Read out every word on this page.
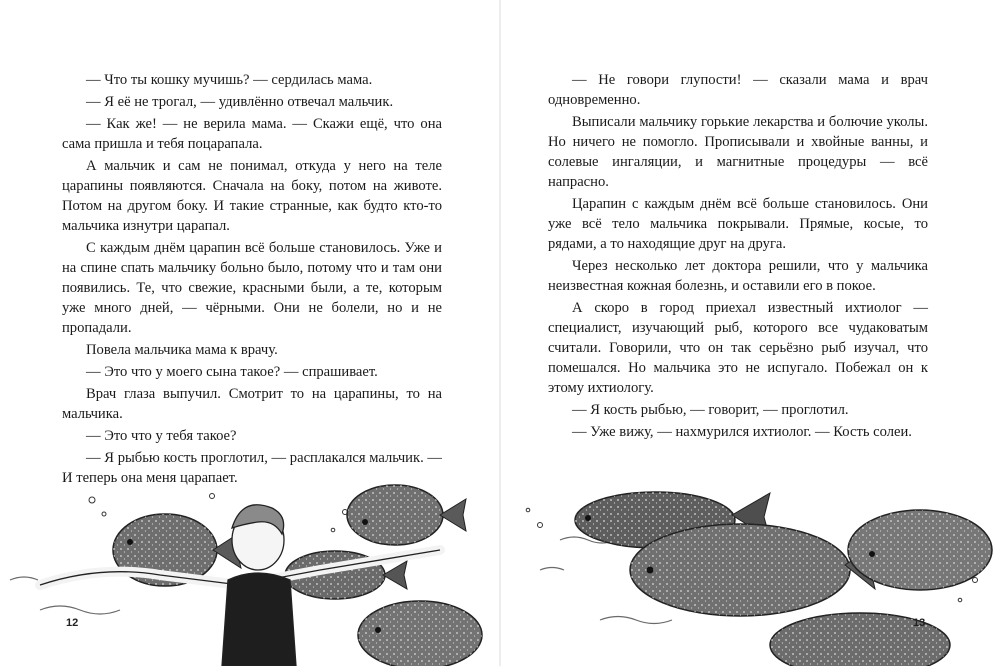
— Что ты кошку мучишь? — сердилась мама.

— Я её не трогал, — удивлённо отвечал мальчик.

— Как же! — не верила мама. — Скажи ещё, что она сама пришла и тебя поцарапала.

А мальчик и сам не понимал, откуда у него на теле царапины появляются. Сначала на боку, потом на животе. Потом на другом боку. И такие странные, как будто кто-то мальчика изнутри царапал.

С каждым днём царапин всё больше становилось. Уже и на спине спать мальчику больно было, потому что и там они появились. Те, что свежие, красными были, а те, которым уже много дней, — чёрными. Они не болели, но и не пропадали.

Повела мальчика мама к врачу.

— Это что у моего сына такое? — спрашивает.

Врач глаза выпучил. Смотрит то на царапины, то на мальчика.

— Это что у тебя такое?

— Я рыбью кость проглотил, — расплакался мальчик. — И теперь она меня царапает.

— Не говори глупости! — сказали мама и врач одновременно.

Выписали мальчику горькие лекарства и болючие уколы. Но ничего не помогло. Прописывали и хвойные ванны, и солевые ингаляции, и магнитные процедуры — всё напрасно.

Царапин с каждым днём всё больше становилось. Они уже всё тело мальчика покрывали. Прямые, косые, то рядами, а то находящие друг на друга.

Через несколько лет доктора решили, что у мальчика неизвестная кожная болезнь, и оставили его в покое.

А скоро в город приехал известный ихтиолог — специалист, изучающий рыб, которого все чудаковатым считали. Говорили, что он так серьёзно рыб изучал, что помешался. Но мальчика это не испугало. Побежал он к этому ихтиологу.

— Я кость рыбью, — говорит, — проглотил.

— Уже вижу, — нахмурился ихтиолог. — Кость солеи.

12	13
